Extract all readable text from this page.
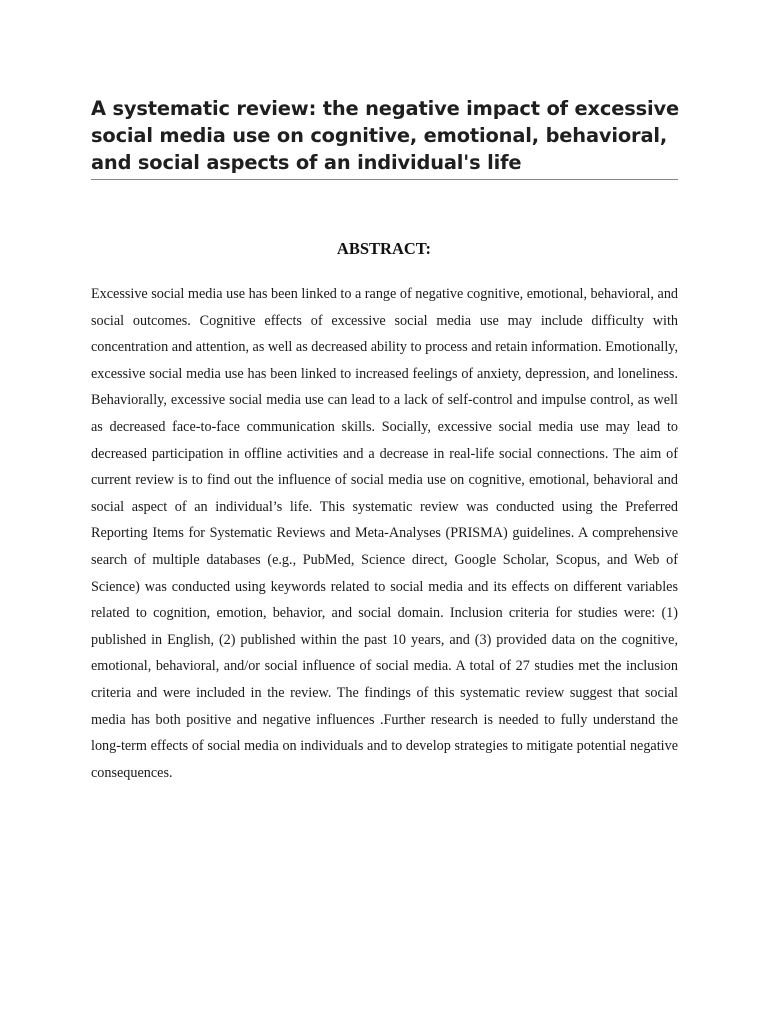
A systematic review: the negative impact of excessive social media use on cognitive, emotional, behavioral, and social aspects of an individual's life
ABSTRACT:

Excessive social media use has been linked to a range of negative cognitive, emotional, behavioral, and social outcomes. Cognitive effects of excessive social media use may include difficulty with concentration and attention, as well as decreased ability to process and retain information. Emotionally, excessive social media use has been linked to increased feelings of anxiety, depression, and loneliness. Behaviorally, excessive social media use can lead to a lack of self-control and impulse control, as well as decreased face-to-face communication skills. Socially, excessive social media use may lead to decreased participation in offline activities and a decrease in real-life social connections. The aim of current review is to find out the influence of social media use on cognitive, emotional, behavioral and social aspect of an individual’s life. This systematic review was conducted using the Preferred Reporting Items for Systematic Reviews and Meta-Analyses (PRISMA) guidelines. A comprehensive search of multiple databases (e.g., PubMed, Science direct, Google Scholar, Scopus, and Web of Science) was conducted using keywords related to social media and its effects on different variables related to cognition, emotion, behavior, and social domain. Inclusion criteria for studies were: (1) published in English, (2) published within the past 10 years, and (3) provided data on the cognitive, emotional, behavioral, and/or social influence of social media. A total of 27 studies met the inclusion criteria and were included in the review. The findings of this systematic review suggest that social media has both positive and negative influences .Further research is needed to fully understand the long-term effects of social media on individuals and to develop strategies to mitigate potential negative consequences.
